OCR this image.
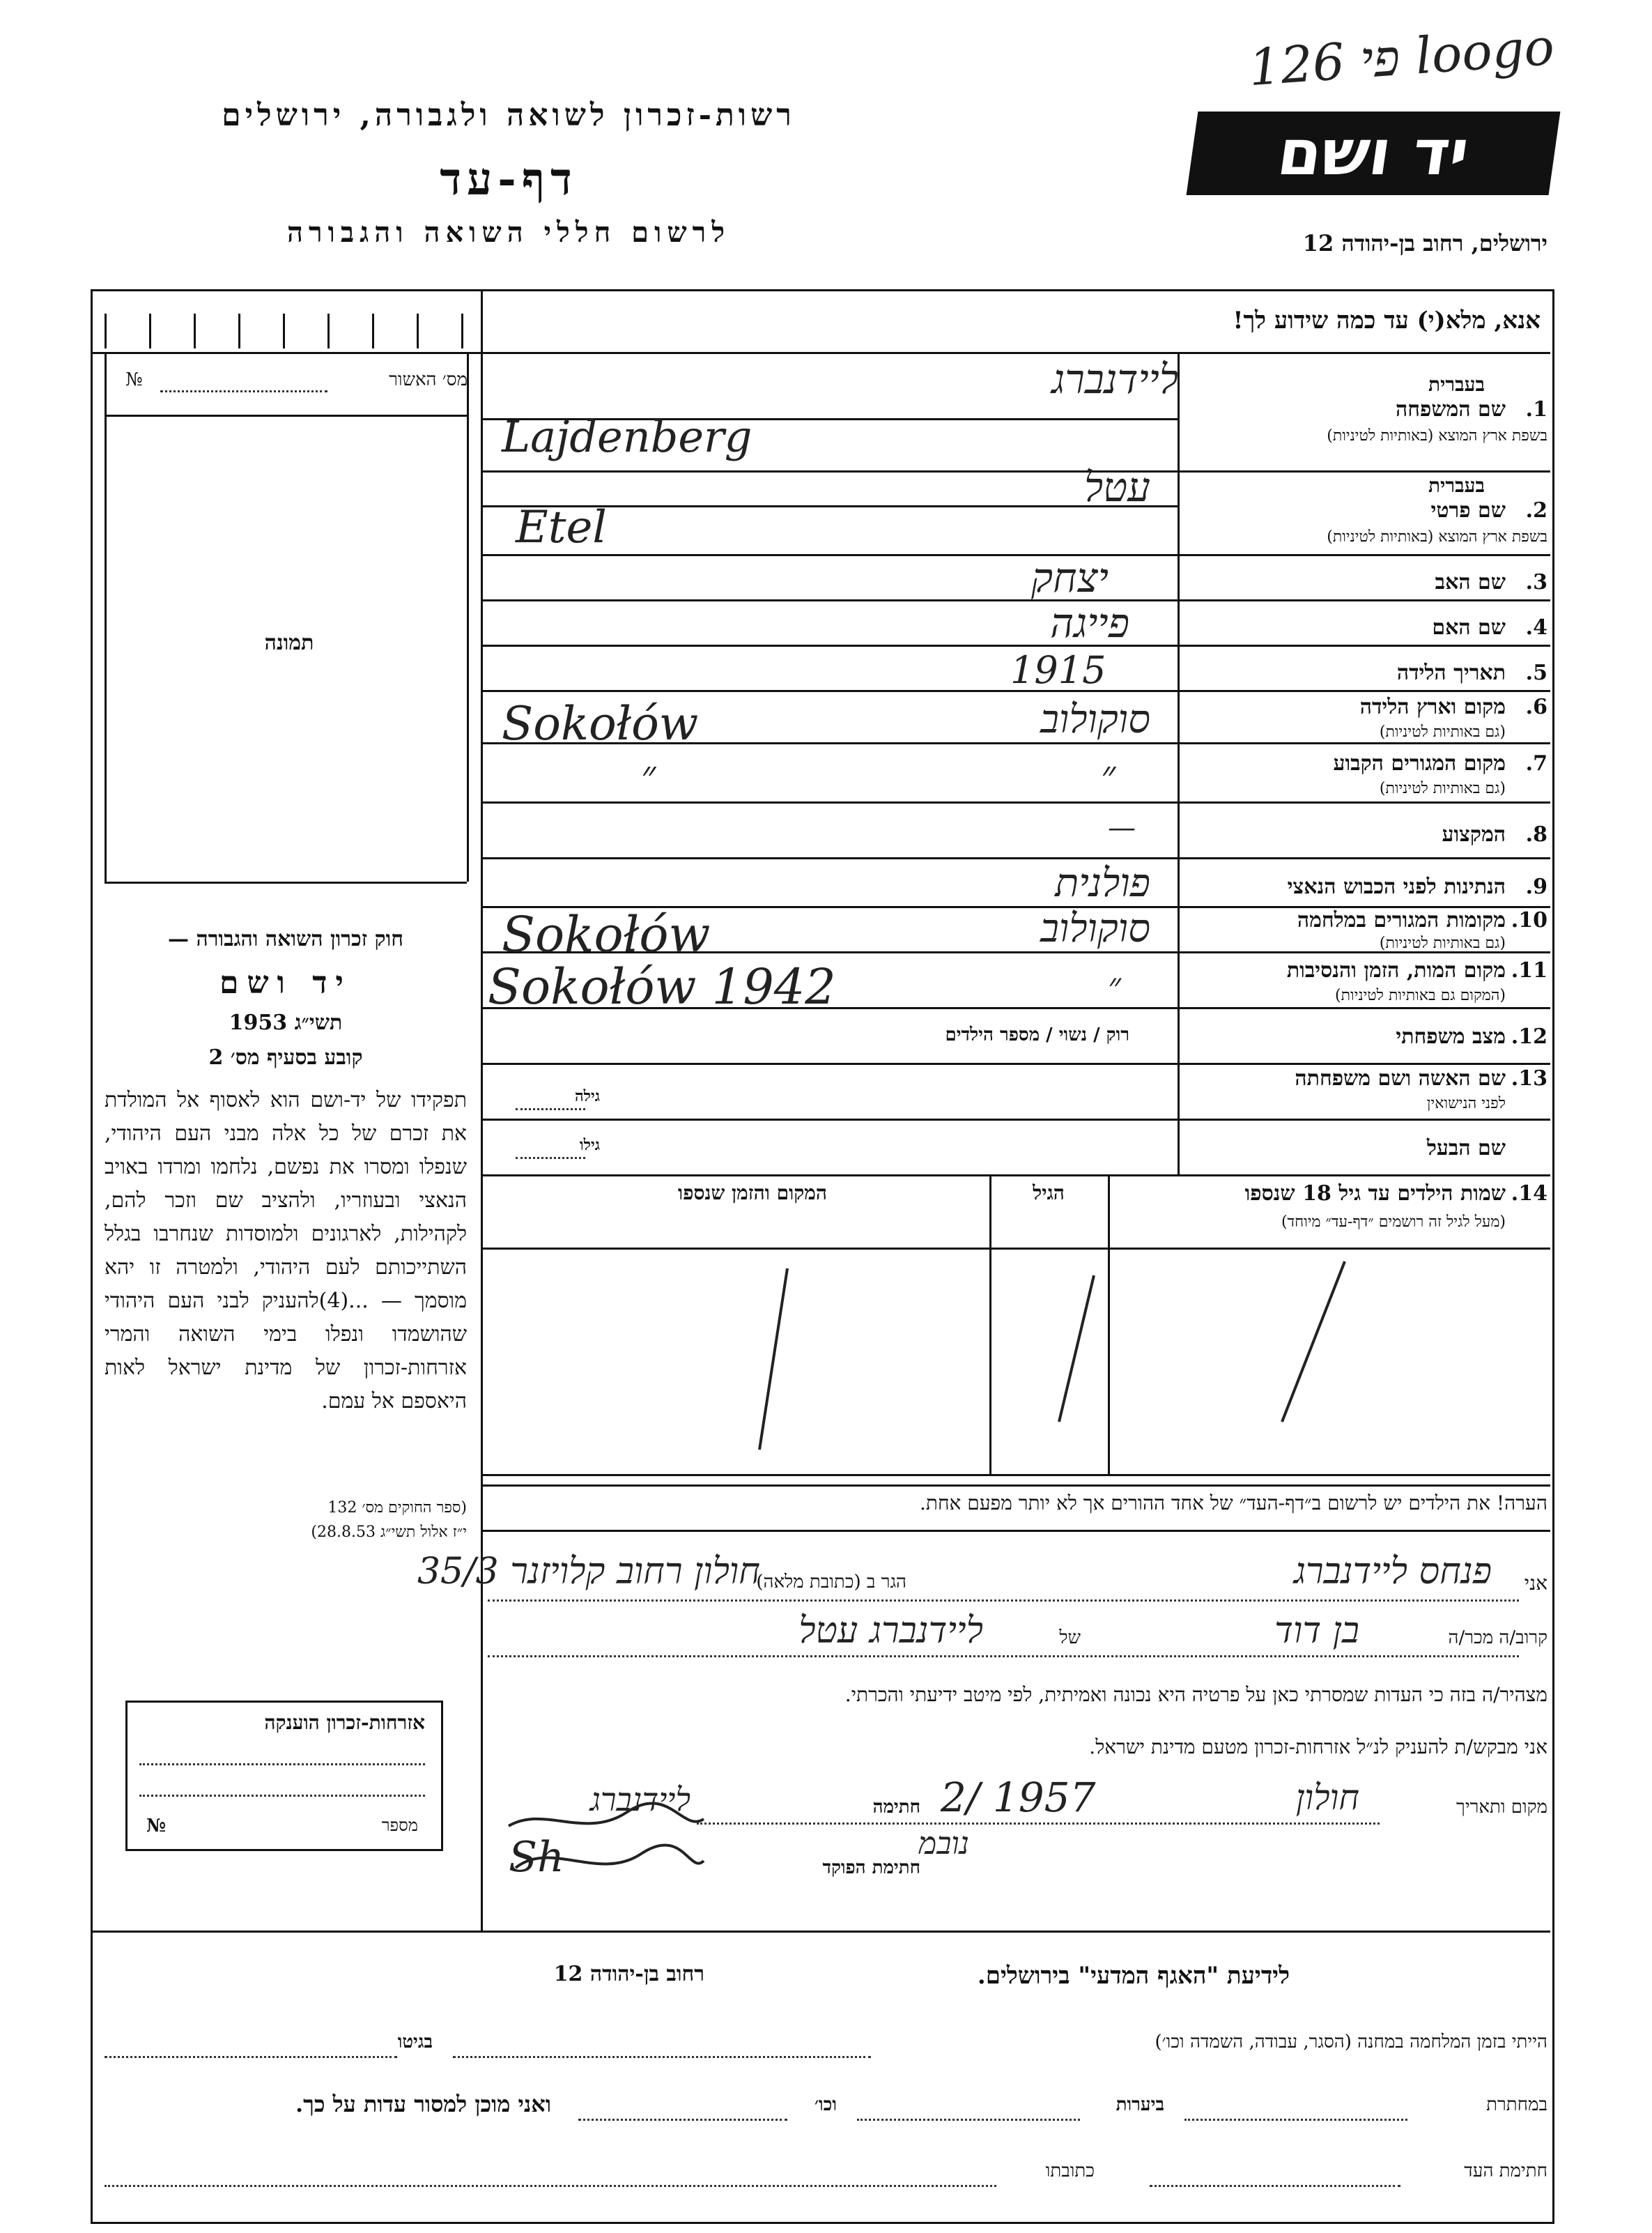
פי 126 loogo
יד ושם
ירושלים, רחוב בן-יהודה 12
רשות-זכרון לשואה ולגבורה, ירושלים
דף-עד
לרשום חללי השואה והגבורה
אנא, מלא(י) עד כמה שידוע לך!
מס׳ האשור
№
תמונה
חוק זכרון השואה והגבורה —
יד ושם
תשי״ג 1953
קובע בסעיף מס׳ 2
תפקידו של יד-ושם הוא לאסוף אל המולדת את זכרם של כל אלה מבני העם היהודי, שנפלו ומסרו את נפשם, נלחמו ומרדו באויב הנאצי ובעוזריו, ולהציב שם וזכר להם, לקהילות, לארגונים ולמוסדות שנחרבו בגלל השתייכותם לעם היהודי, ולמטרה זו יהא מוסמך — ...(4)להעניק לבני העם היהודי שהושמדו ונפלו בימי השואה והמרי אזרחות-זכרון של מדינת ישראל לאות היאספם אל עמם.
(ספר החוקים מס׳ 132
י״ז אלול תשי״ג 28.8.53)
אזרחות-זכרון הוענקה
מספר
№
בעברית
1.
שם המשפחה
בשפת ארץ המוצא (באותיות לטיניות)
בעברית
2.
שם פרטי
בשפת ארץ המוצא (באותיות לטיניות)
3.
שם האב
4.
שם האם
5.
תאריך הלידה
6.
מקום וארץ הלידה
(גם באותיות לטיניות)
7.
מקום המגורים הקבוע
(גם באותיות לטיניות)
8.
המקצוע
9.
הנתינות לפני הכבוש הנאצי
10.
מקומות המגורים במלחמה
(גם באותיות לטיניות)
11.
מקום המות, הזמן והנסיבות
(המקום גם באותיות לטיניות)
12.
מצב משפחתי
רוק / נשוי / מספר הילדים
13.
שם האשה ושם משפחתה
לפני הנישואין
גילה
שם הבעל
גילו
ליידנברג
Lajdenberg
עטל
Etel
יצחק
פייגה
1915
סוקולוב
Sokołów
״
״
—
פולנית
סוקולוב
Sokołów
״
Sokołów 1942
14.
שמות הילדים עד גיל 18 שנספו
(מעל לגיל זה רושמים ״דף-עד״ מיוחד)
הגיל
המקום והזמן שנספו
הערה! את הילדים יש לרשום ב״דף-העד״ של אחד ההורים אך לא יותר מפעם אחת.
אני
הגר ב (כתובת מלאה)	פנחס ליידנברג
חולון רחוב קלויזנר 35/3
קרוב/ה מכר/ה
בן דוד
של
ליידנברג עטל
מצהיר/ה בזה כי העדות שמסרתי כאן על פרטיה היא נכונה ואמיתית, לפי מיטב ידיעתי והכרתי.
אני מבקש/ת להעניק לנ״ל אזרחות-זכרון מטעם מדינת ישראל.
מקום ותאריך
חולון
2/ 1957
נובמ
חתימה
ליידנברג
חתימת הפוקד
Sh
לידיעת "האגף המדעי" בירושלים.
רחוב בן-יהודה 12
הייתי בזמן המלחמה במחנה (הסגר, עבודה, השמדה וכו׳)
בגיטו
במחתרת
ביערות
וכו׳
ואני מוכן למסור עדות על כך.
חתימת העד
כתובתו
